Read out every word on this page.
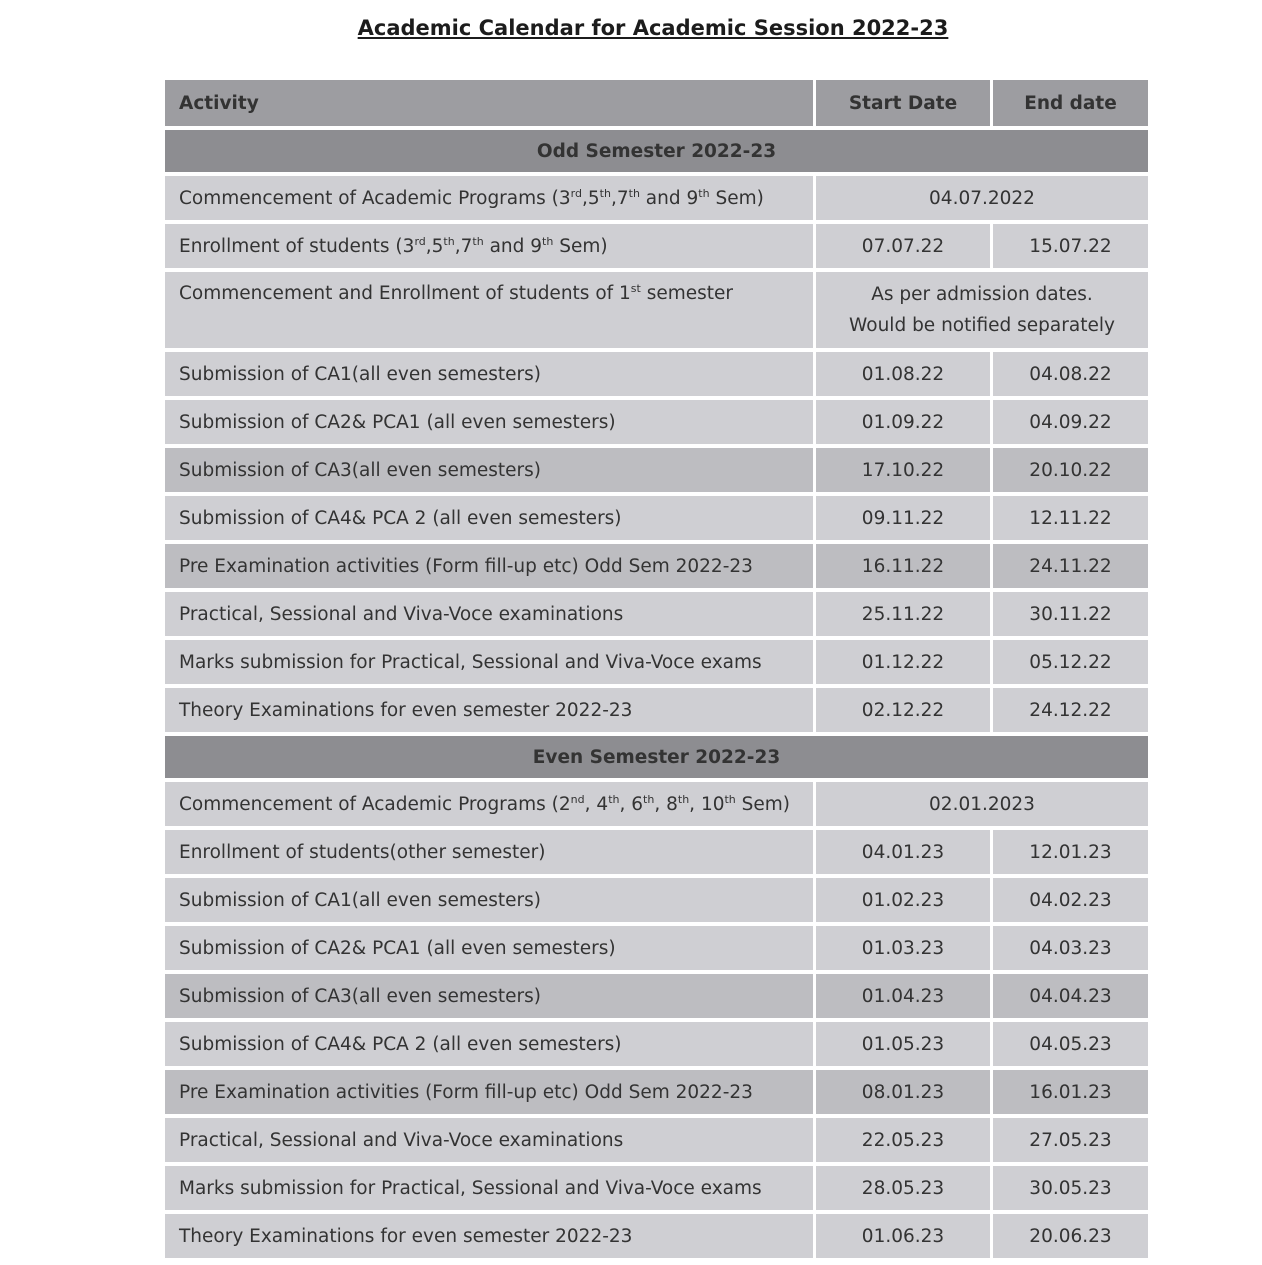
Academic Calendar for Academic Session 2022-23
Activity	Start Date	End date
Odd Semester 2022-23		
Commencement of Academic Programs (3rd,5th,7th and 9th Sem)	04.07.2022	
Enrollment of students (3rd,5th,7th and 9th Sem)	07.07.22	15.07.22
Commencement and Enrollment of students of 1st semester	As per admission dates.
Would be notified separately	

Submission of CA1(all even semesters)	01.08.22	04.08.22
Submission of CA2& PCA1 (all even semesters)	01.09.22	04.09.22
Submission of CA3(all even semesters)	17.10.22	20.10.22
Submission of CA4& PCA 2 (all even semesters)	09.11.22	12.11.22
Pre Examination activities (Form fill-up etc) Odd Sem 2022-23	16.11.22	24.11.22
Practical, Sessional and Viva-Voce examinations	25.11.22	30.11.22
Marks submission for Practical, Sessional and Viva-Voce exams	01.12.22	05.12.22
Theory Examinations for even semester 2022-23	02.12.22	24.12.22
Even Semester 2022-23		
Commencement of Academic Programs (2nd, 4th, 6th, 8th, 10th Sem)	02.01.2023	
Enrollment of students(other semester)	04.01.23	12.01.23
Submission of CA1(all even semesters)	01.02.23	04.02.23
Submission of CA2& PCA1 (all even semesters)	01.03.23	04.03.23
Submission of CA3(all even semesters)	01.04.23	04.04.23
Submission of CA4& PCA 2 (all even semesters)	01.05.23	04.05.23
Pre Examination activities (Form fill-up etc) Odd Sem 2022-23	08.01.23	16.01.23
Practical, Sessional and Viva-Voce examinations	22.05.23	27.05.23
Marks submission for Practical, Sessional and Viva-Voce exams	28.05.23	30.05.23
Theory Examinations for even semester 2022-23	01.06.23	20.06.23
